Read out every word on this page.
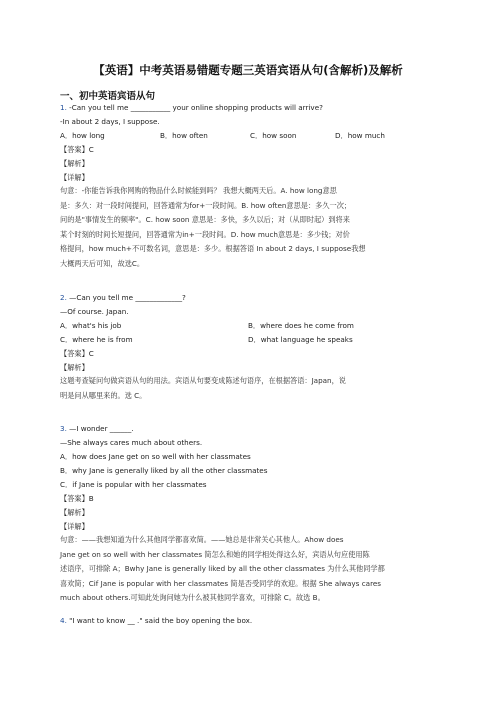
【英语】中考英语易错题专题三英语宾语从句(含解析)及解析
一、初中英语宾语从句
1. -Can you tell me ___________ your online shopping products will arrive?
-In about 2 days, I suppose.
A．how long	B．how often	C．how soon	D．how much
【答案】C
【解析】
【详解】
句意：-你能告诉我你网购的物品什么时候能到吗？ 我想大概两天后。A. how long意思
是：多久：对一段时间提问，回答通常为for+一段时间。B. how often意思是：多久一次；
问的是"事情发生的频率"。C. how soon 意思是：多快，多久以后；对（从即时起）到将来
某个时刻的时间长短提问，回答通常为in+一段时间。D. how much意思是：多少钱；对价
格提问，how much+不可数名词，意思是：多少。根据答语 In about 2 days, I suppose我想
大概两天后可知，故选C。
2. —Can you tell me _____________?
—Of course. Japan.
A．what's his job	B．where does he come from
C．where he is from	D．what language he speaks
【答案】C
【解析】
这题考查疑问句做宾语从句的用法。宾语从句要变成陈述句语序，在根据答语：Japan，说
明是问从哪里来的。选 C。
3. —I wonder ______.
—She always cares much about others.
A．how does Jane get on so well with her classmates
B．why Jane is generally liked by all the other classmates
C．if Jane is popular with her classmates
【答案】B
【解析】
【详解】
句意：——我想知道为什么其他同学都喜欢简。——她总是非常关心其他人。Ahow does
Jane get on so well with her classmates 简怎么和她的同学相处得这么好，宾语从句应使用陈
述语序，可排除 A；Bwhy Jane is generally liked by all the other classmates 为什么其他同学都
喜欢简；Cif Jane is popular with her classmates 简是否受同学的欢迎。根据 She always cares
much about others.可知此处询问她为什么被其他同学喜欢，可排除 C。故选 B。
4. "I want to know __ ." said the boy opening the box.
